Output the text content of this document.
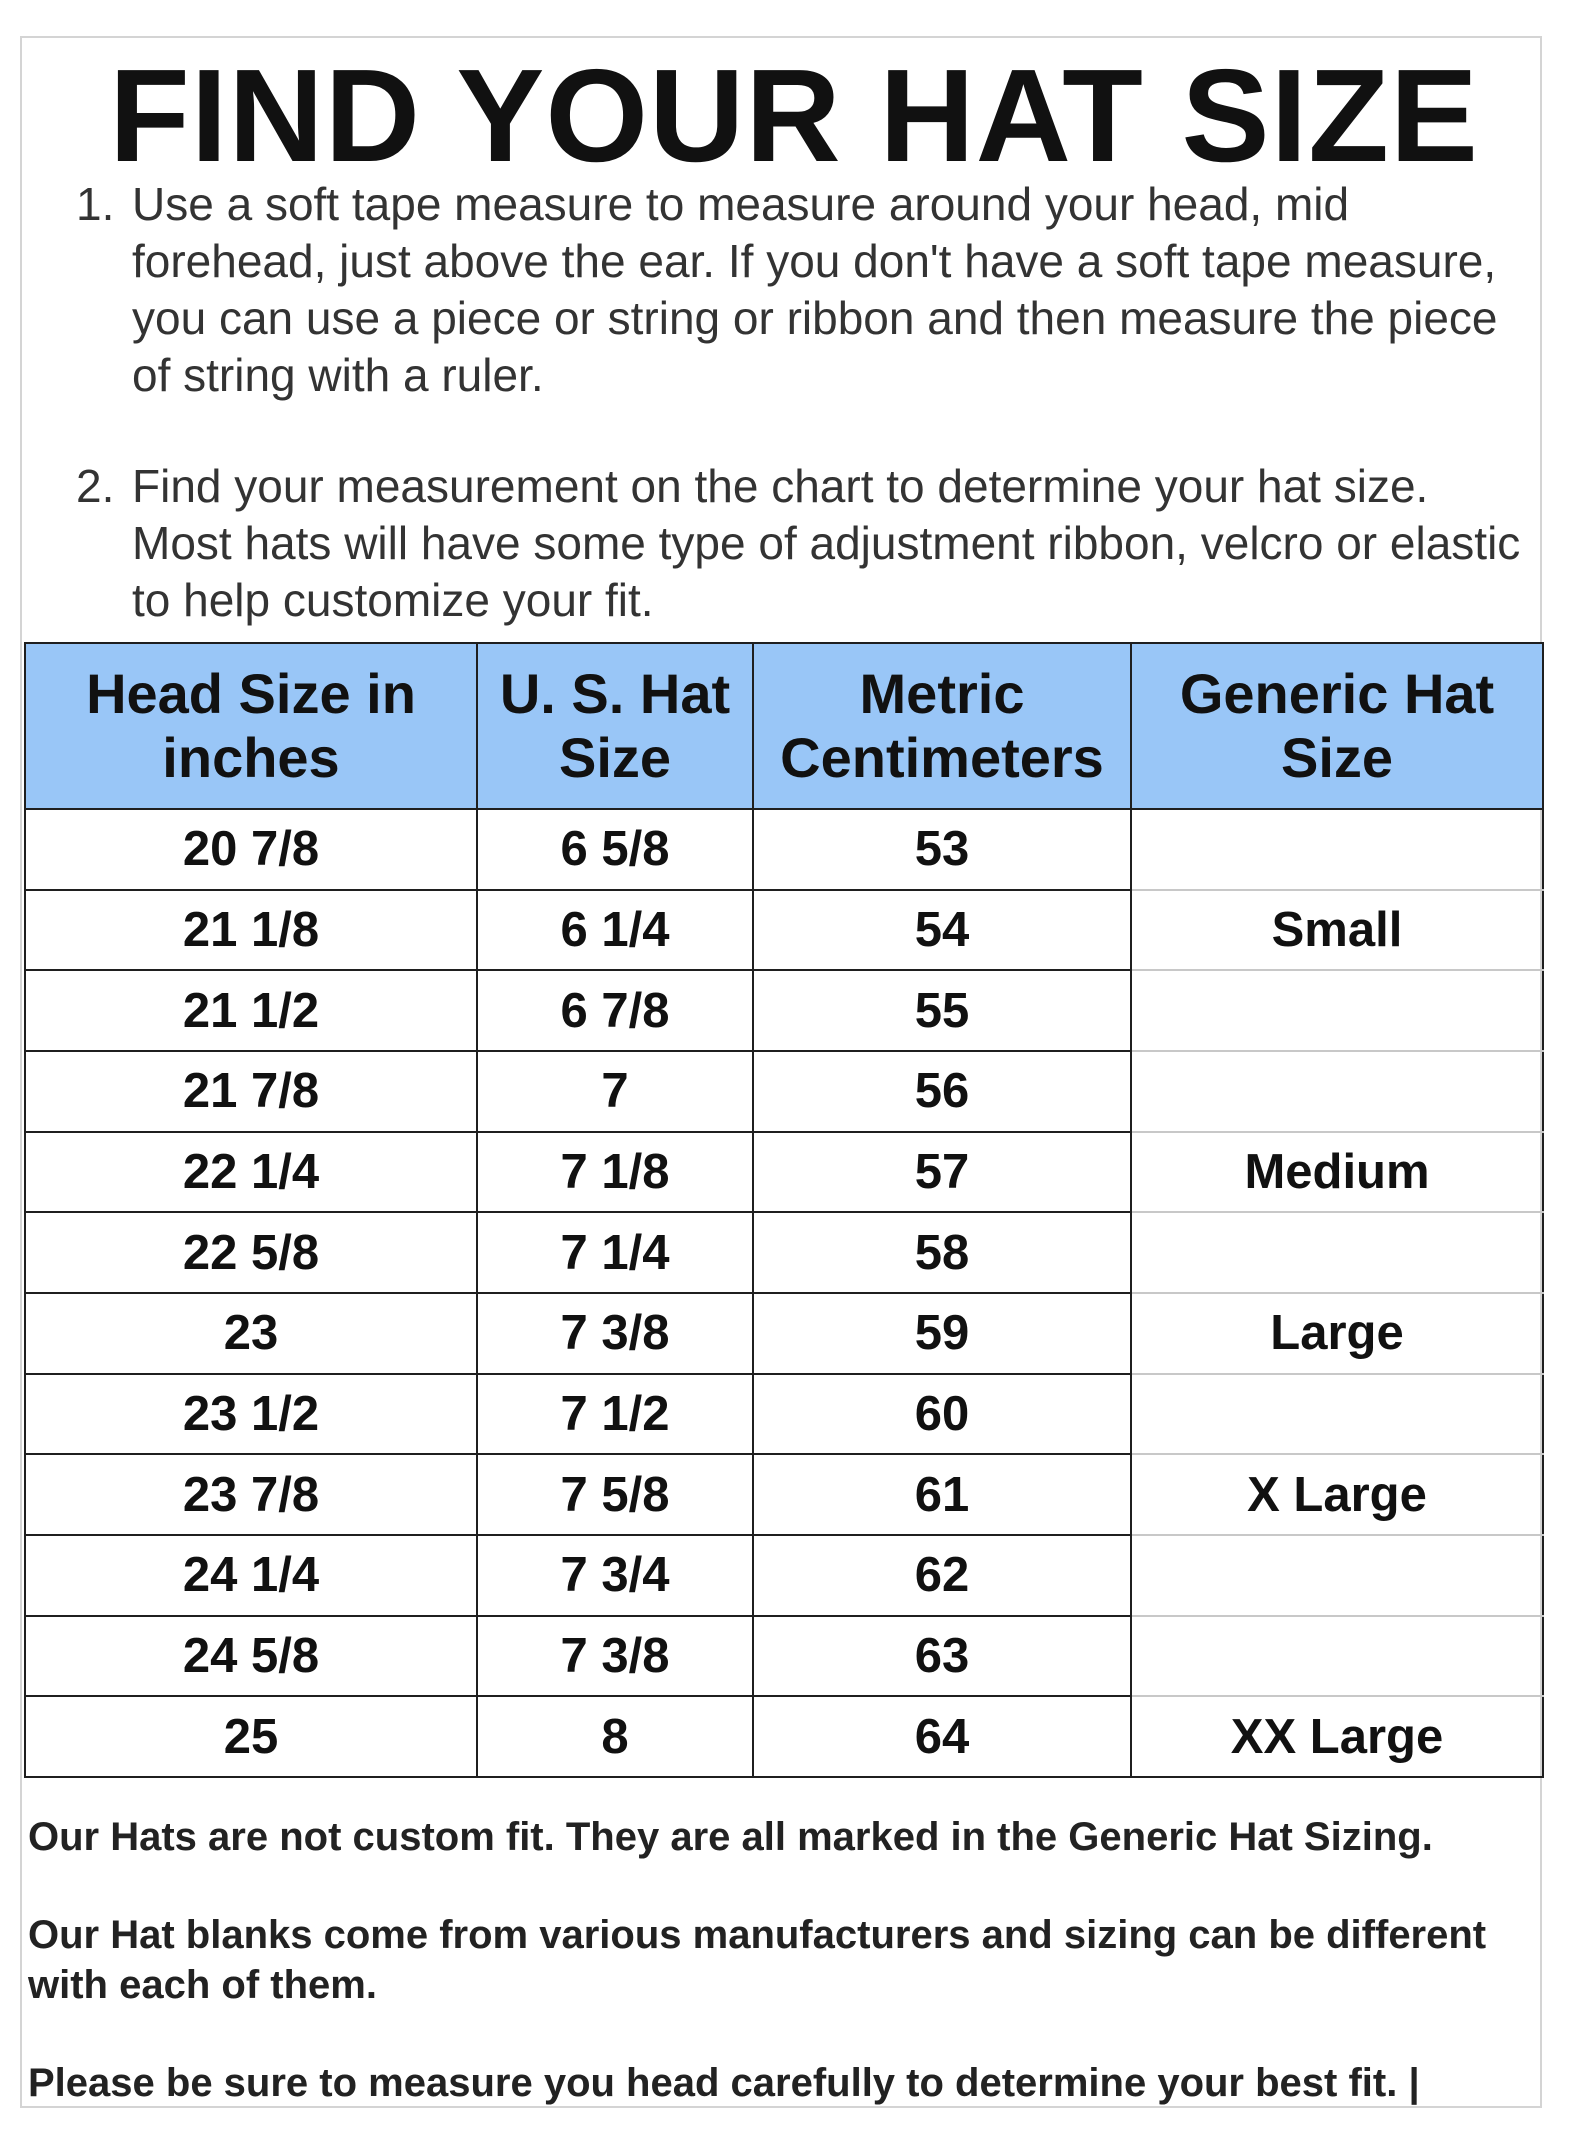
FIND YOUR HAT SIZE
1. Use a soft tape measure to measure around your head, mid forehead, just above the ear. If you don't have a soft tape measure, you can use a piece or string or ribbon and then measure the piece of string with a ruler.
2. Find your measurement on the chart to determine your hat size. Most hats will have some type of adjustment ribbon, velcro or elastic to help customize your fit.
Head Size in inches	U. S. Hat Size	Metric Centimeters	Generic Hat Size
20 7/8	6 5/8	53	
21 1/8	6 1/4	54	Small
21 1/2	6 7/8	55	
21 7/8	7	56	
22 1/4	7 1/8	57	Medium
22 5/8	7 1/4	58	
23	7 3/8	59	Large
23 1/2	7 1/2	60	
23 7/8	7 5/8	61	X Large
24 1/4	7 3/4	62	
24 5/8	7 3/8	63	
25	8	64	XX Large
Our Hats are not custom fit. They are all marked in the Generic Hat Sizing.
Our Hat blanks come from various manufacturers and sizing can be different with each of them.
Please be sure to measure you head carefully to determine your best fit. |
